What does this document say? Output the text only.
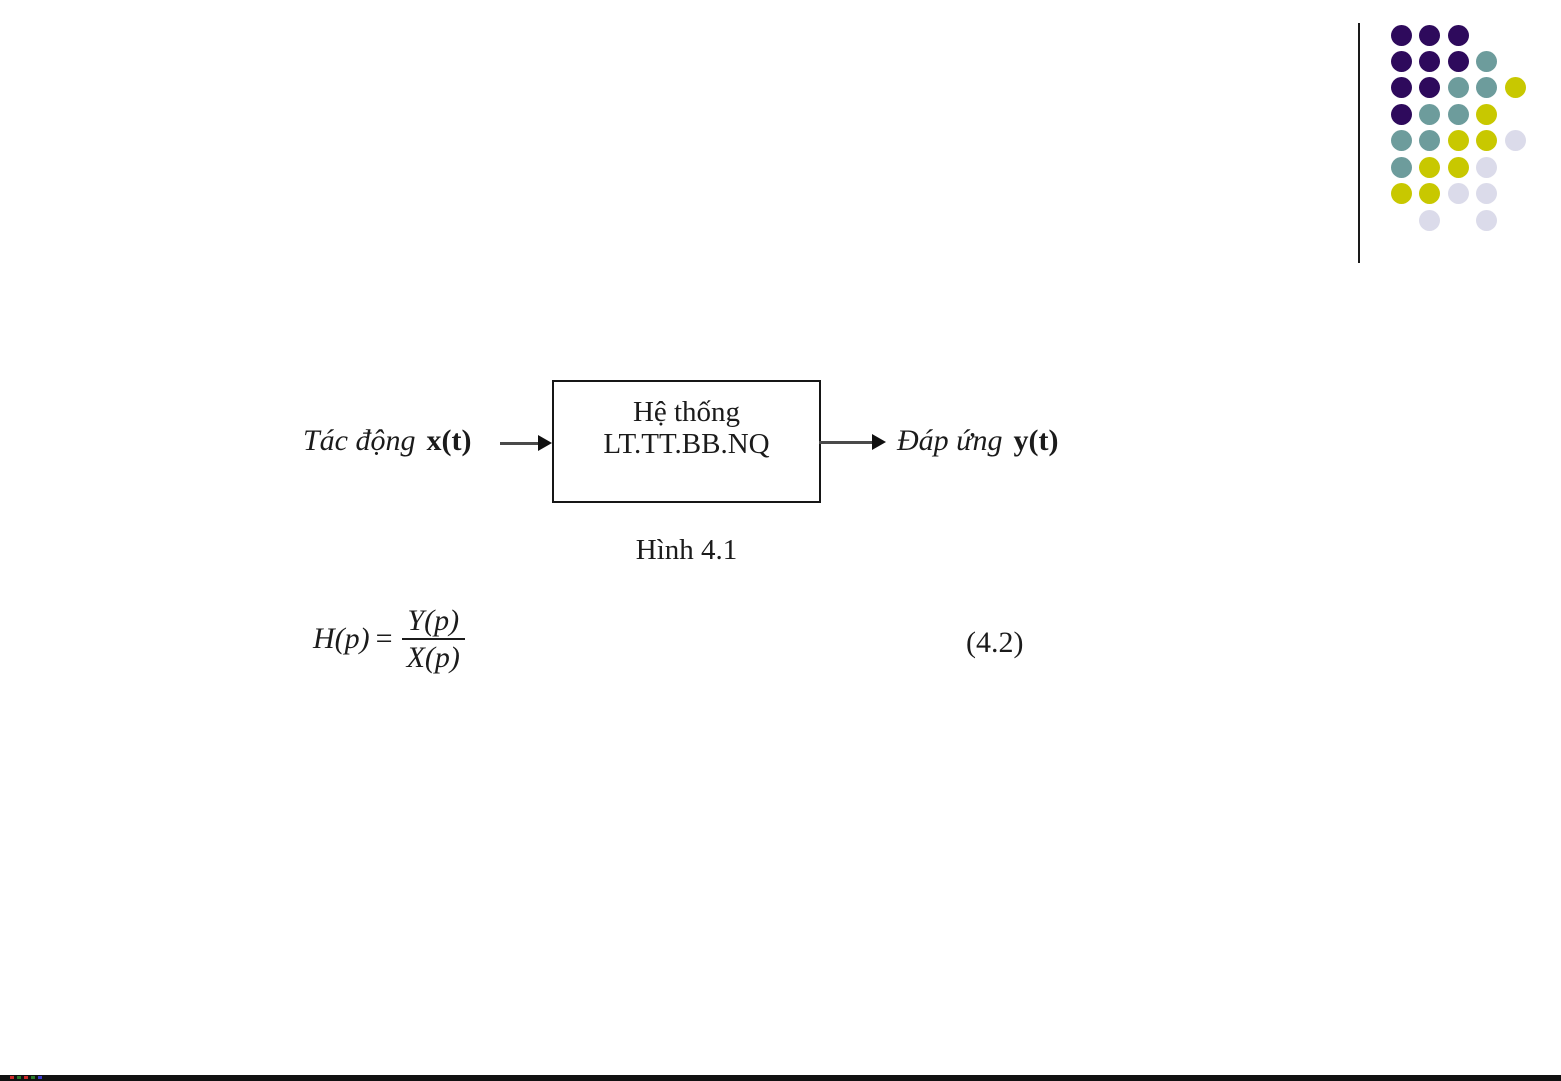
Tác động x(t)
Hệ thống
LT.TT.BB.NQ	Đáp ứng y(t)
Hình 4.1
$H(p) = \frac{Y(p)}{X(p)}$	(4.2)
